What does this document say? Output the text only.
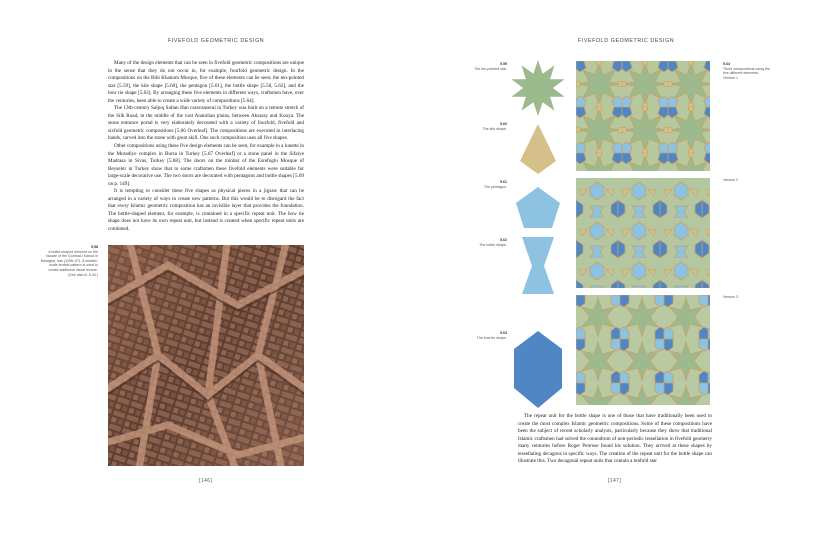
FIVEFOLD GEOMETRIC DESIGN

Many of the design elements that can be seen in fivefold geometric compositions are unique in the sense that they do not occur in, for example, fourfold geometric design. In the compositions on the Bibi Khanum Mosque, five of these elements can be seen: the ten-pointed star [5.59], the kite shape [5.60], the pentagon [5.61], the bottle shape [5.58, 5.62], and the bow tie shape [5.63]. By arranging these five elements in different ways, craftsmen have, over the centuries, been able to create a wide variety of compositions [5.64].

The 13th-century Saljuq Sultan Han caravanserai in Turkey was built on a remote stretch of the Silk Road, in the middle of the vast Anatolian plains, between Aksaray and Konya. The stone entrance portal is very elaborately decorated with a variety of fourfold, fivefold and sixfold geometric compositions [5.66 Overleaf]. The compositions are executed in interlacing bands, carved into the stone with great skill. One such composition uses all five shapes.

Other compositions using these five design elements can be seen, for example in a lunette in the Muradiye complex in Bursa in Turkey [5.67 Overleaf] or a stone panel in the Sifaiye Madrasa in Sivas, Turkey [5.68]. The doors on the minbar of the Esrefoglu Mosque of Beysehir in Turkey show that to some craftsmen these fivefold elements were suitable for large-scale decorative use. The two doors are decorated with pentagons and bottle shapes [5.69 on p. 149].

It is tempting to consider these five shapes as physical pieces in a jigsaw that can be arranged in a variety of ways to create new patterns. But this would be to disregard the fact that every Islamic geometric composition has an invisible layer that provides the foundation. The bottle-shaped element, for example, is contained in a specific repeat unit. The bow tie shape does not have its own repeat unit, but instead is created when specific repeat units are combined.

5.58
A bottle-shaped element on the facade of the Gunbad-i Kabud in Maragha, Iran (1196–97). A smaller-scale tenfold pattern is used to create additional visual texture. (See also ill. 5.44.)
[146]
FIVEFOLD GEOMETRIC DESIGN
5.59
The ten-pointed star.
5.60
The kite shape.
5.61
The pentagon.
5.62
The bottle shape.
5.63
The bow tie shape.
5.64
Three compositions using the five different elements.
Version 1
Version 2
Version 3

The repeat unit for the bottle shape is one of those that have traditionally been used to create the most complex Islamic geometric compositions. Some of these compositions have been the subject of recent scholarly analysis, particularly because they show that traditional Islamic craftsmen had solved the conundrum of non-periodic tessellation in fivefold geometry many centuries before Roger Penrose found his solution. They arrived at these shapes by tessellating decagons in specific ways. The creation of the repeat unit for the bottle shape can illustrate this. Two decagonal repeat units that contain a tenfold star

[147]
